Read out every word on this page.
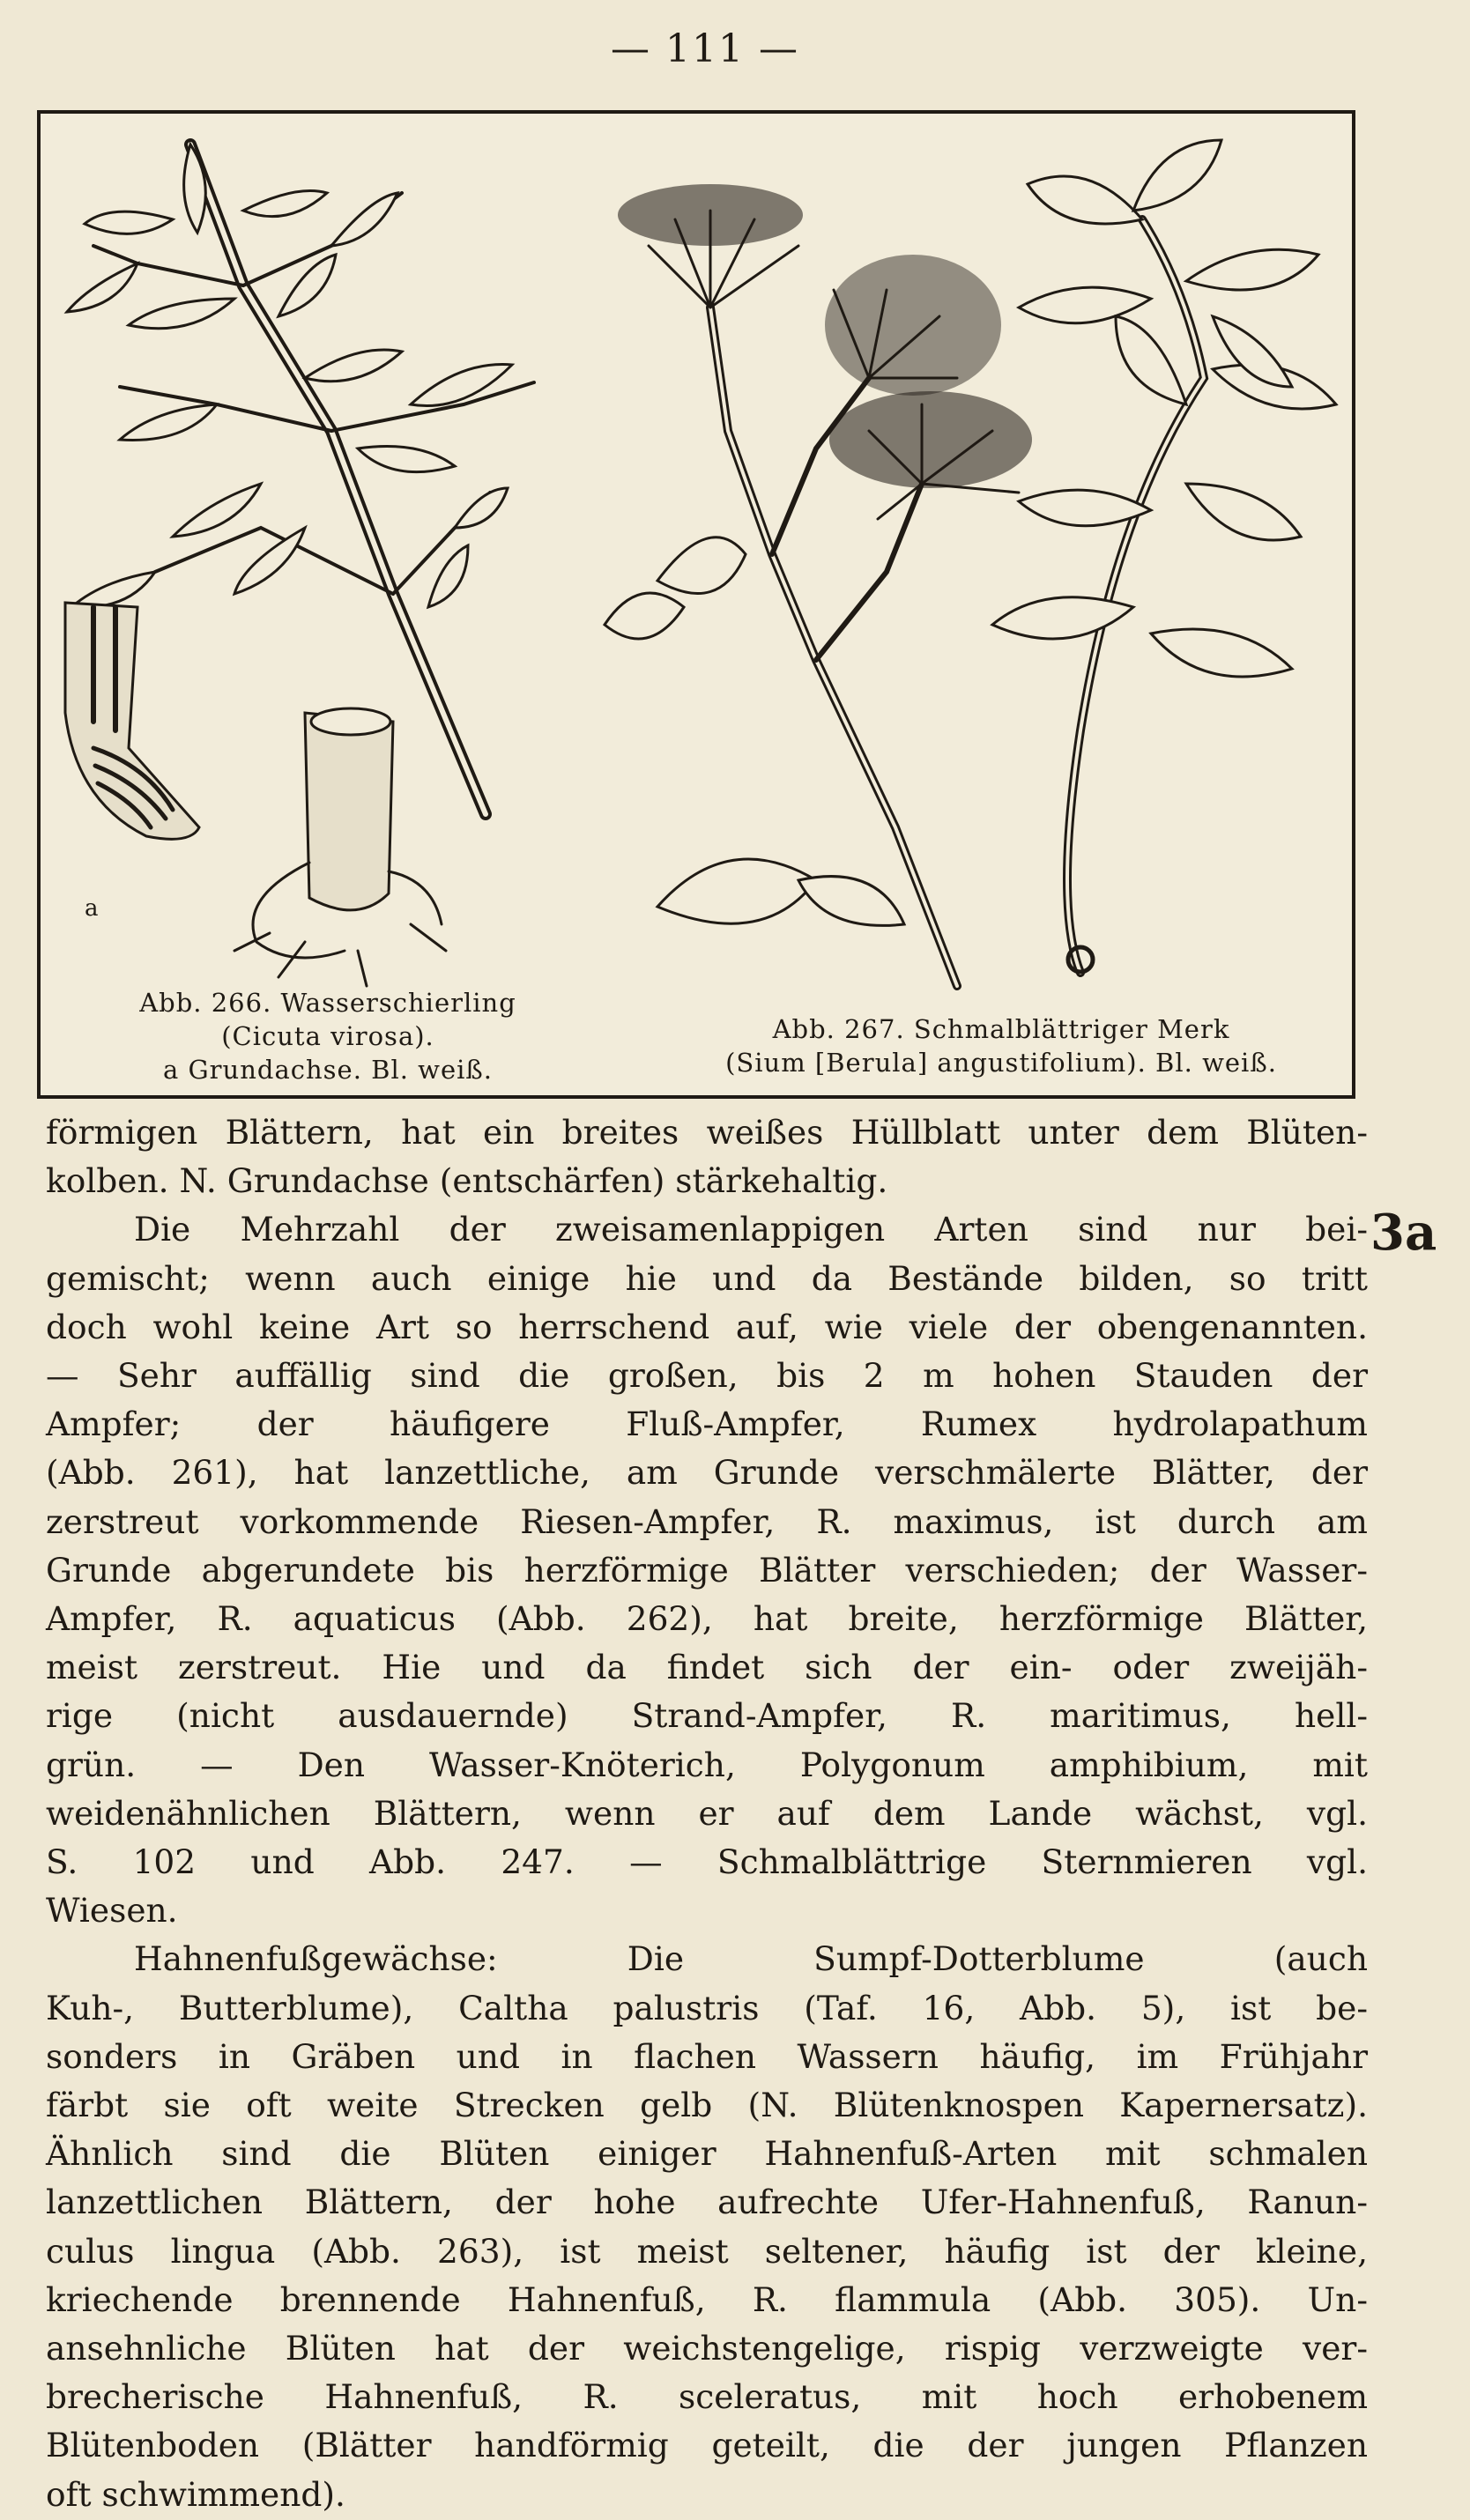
— 111 —
a
Abb. 266. Wasserschierling
(Cicuta virosa).
a Grundachse. Bl. weiß.
Abb. 267. Schmalblättriger Merk
(Sium [Berula] angustifolium). Bl. weiß.
3a
förmigen Blättern, hat ein breites weißes Hüllblatt unter dem Blüten-
kolben. N. Grundachse (entschärfen) stärkehaltig.
Die Mehrzahl der zweisamenlappigen Arten sind nur bei-
gemischt; wenn auch einige hie und da Bestände bilden, so tritt
doch wohl keine Art so herrschend auf, wie viele der obengenannten.
— Sehr auffällig sind die großen, bis 2 m hohen Stauden der
Ampfer; der häufigere Fluß-Ampfer, Rumex hydrolapathum
(Abb. 261), hat lanzettliche, am Grunde verschmälerte Blätter, der
zerstreut vorkommende Riesen-Ampfer, R. maximus, ist durch am
Grunde abgerundete bis herzförmige Blätter verschieden; der Wasser-
Ampfer, R. aquaticus (Abb. 262), hat breite, herzförmige Blätter,
meist zerstreut. Hie und da findet sich der ein- oder zweijäh-
rige (nicht ausdauernde) Strand-Ampfer, R. maritimus, hell-
grün. — Den Wasser-Knöterich, Polygonum amphibium, mit
weidenähnlichen Blättern, wenn er auf dem Lande wächst, vgl.
S. 102 und Abb. 247. — Schmalblättrige Sternmieren vgl.
Wiesen.
Hahnenfußgewächse: Die Sumpf-Dotterblume (auch
Kuh-, Butterblume), Caltha palustris (Taf. 16, Abb. 5), ist be-
sonders in Gräben und in flachen Wassern häufig, im Frühjahr
färbt sie oft weite Strecken gelb (N. Blütenknospen Kapernersatz).
Ähnlich sind die Blüten einiger Hahnenfuß-Arten mit schmalen
lanzettlichen Blättern, der hohe aufrechte Ufer-Hahnenfuß, Ranun-
culus lingua (Abb. 263), ist meist seltener, häufig ist der kleine,
kriechende brennende Hahnenfuß, R. flammula (Abb. 305). Un-
ansehnliche Blüten hat der weichstengelige, rispig verzweigte ver-
brecherische Hahnenfuß, R. sceleratus, mit hoch erhobenem
Blütenboden (Blätter handförmig geteilt, die der jungen Pflanzen
oft schwimmend).
